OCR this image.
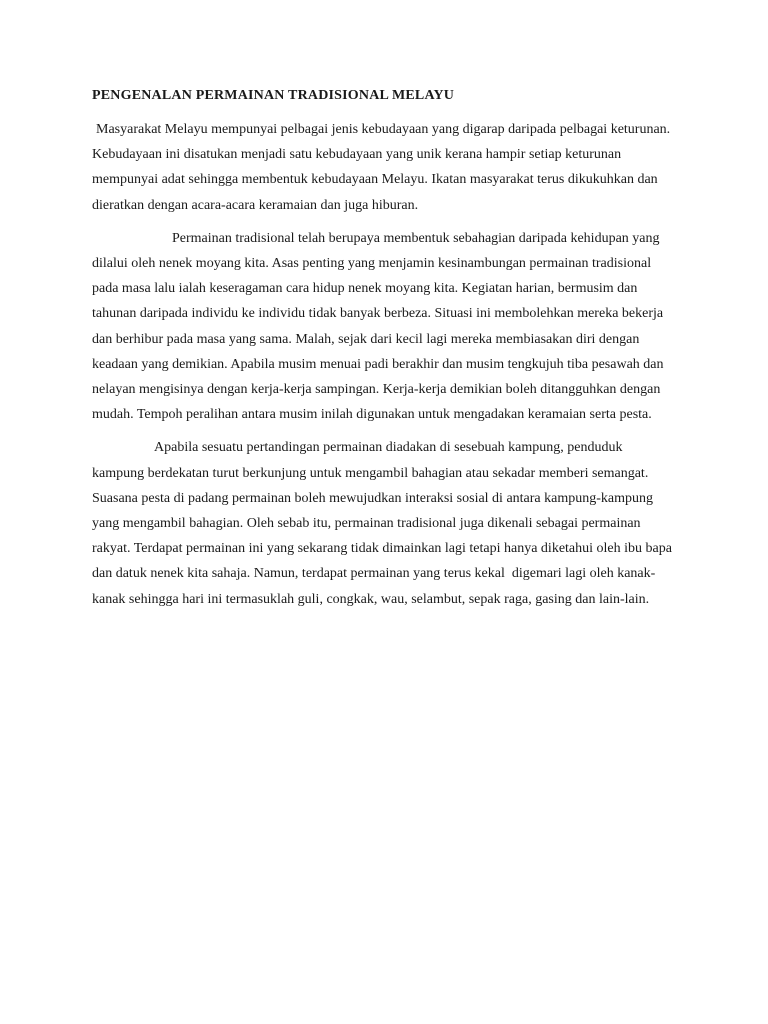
PENGENALAN PERMAINAN TRADISIONAL MELAYU

Masyarakat Melayu mempunyai pelbagai jenis kebudayaan yang digarap daripada pelbagai keturunan. Kebudayaan ini disatukan menjadi satu kebudayaan yang unik kerana hampir setiap keturunan mempunyai adat sehingga membentuk kebudayaan Melayu. Ikatan masyarakat terus dikukuhkan dan dieratkan dengan acara-acara keramaian dan juga hiburan.

Permainan tradisional telah berupaya membentuk sebahagian daripada kehidupan yang dilalui oleh nenek moyang kita. Asas penting yang menjamin kesinambungan permainan tradisional pada masa lalu ialah keseragaman cara hidup nenek moyang kita. Kegiatan harian, bermusim dan tahunan daripada individu ke individu tidak banyak berbeza. Situasi ini membolehkan mereka bekerja dan berhibur pada masa yang sama. Malah, sejak dari kecil lagi mereka membiasakan diri dengan keadaan yang demikian. Apabila musim menuai padi berakhir dan musim tengkujuh tiba pesawah dan nelayan mengisinya dengan kerja-kerja sampingan. Kerja-kerja demikian boleh ditangguhkan dengan mudah. Tempoh peralihan antara musim inilah digunakan untuk mengadakan keramaian serta pesta.

Apabila sesuatu pertandingan permainan diadakan di sesebuah kampung, penduduk kampung berdekatan turut berkunjung untuk mengambil bahagian atau sekadar memberi semangat. Suasana pesta di padang permainan boleh mewujudkan interaksi sosial di antara kampung-kampung yang mengambil bahagian. Oleh sebab itu, permainan tradisional juga dikenali sebagai permainan rakyat. Terdapat permainan ini yang sekarang tidak dimainkan lagi tetapi hanya diketahui oleh ibu bapa dan datuk nenek kita sahaja. Namun, terdapat permainan yang terus kekal  digemari lagi oleh kanak-kanak sehingga hari ini termasuklah guli, congkak, wau, selambut, sepak raga, gasing dan lain-lain.
